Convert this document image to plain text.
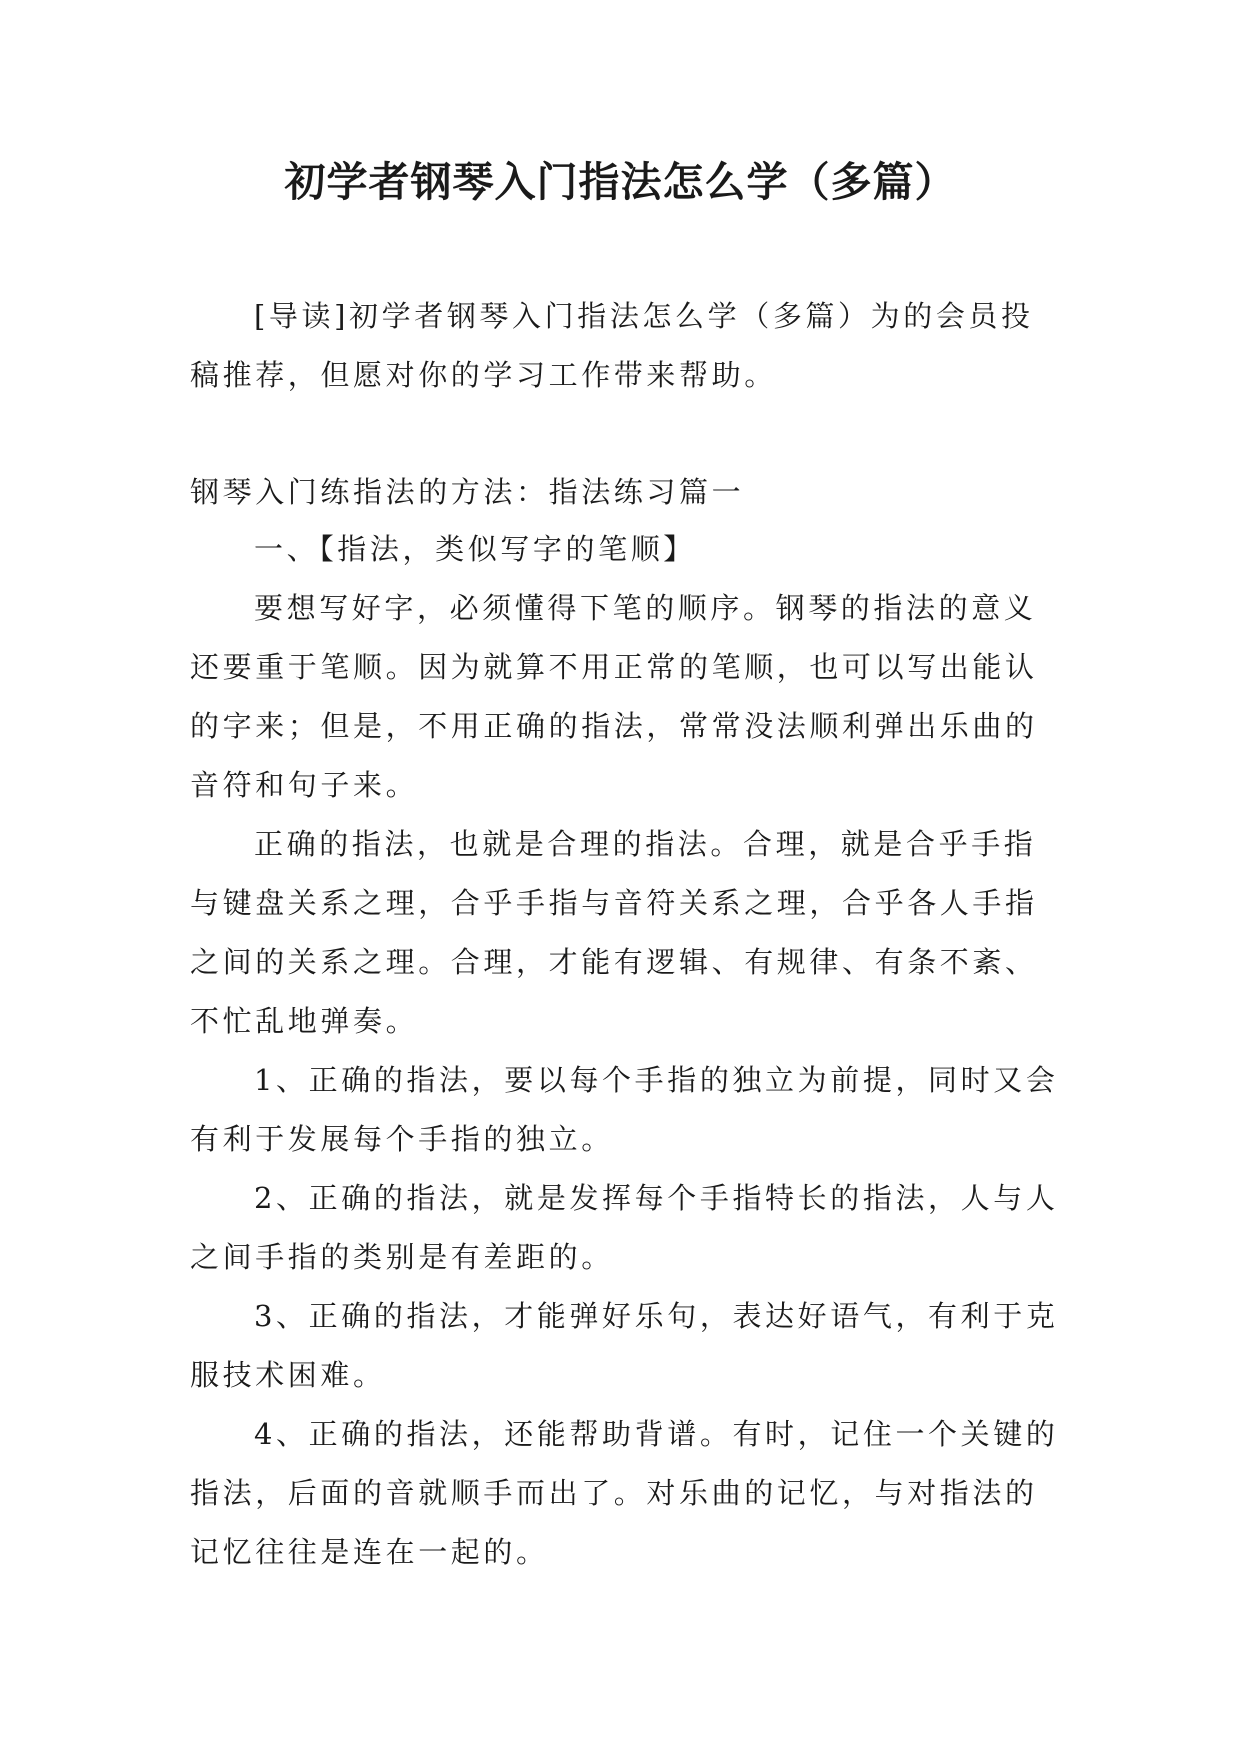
初学者钢琴入门指法怎么学（多篇）

[导读]初学者钢琴入门指法怎么学（多篇）为的会员投稿推荐，但愿对你的学习工作带来帮助。

钢琴入门练指法的方法：指法练习篇一

一、【指法，类似写字的笔顺】

要想写好字，必须懂得下笔的顺序。钢琴的指法的意义还要重于笔顺。因为就算不用正常的笔顺，也可以写出能认的字来；但是，不用正确的指法，常常没法顺利弹出乐曲的音符和句子来。

正确的指法，也就是合理的指法。合理，就是合乎手指与键盘关系之理，合乎手指与音符关系之理，合乎各人手指之间的关系之理。合理，才能有逻辑、有规律、有条不紊、不忙乱地弹奏。

1、正确的指法，要以每个手指的独立为前提，同时又会有利于发展每个手指的独立。

2、正确的指法，就是发挥每个手指特长的指法，人与人之间手指的类别是有差距的。

3、正确的指法，才能弹好乐句，表达好语气，有利于克服技术困难。

4、正确的指法，还能帮助背谱。有时，记住一个关键的指法，后面的音就顺手而出了。对乐曲的记忆，与对指法的记忆往往是连在一起的。
